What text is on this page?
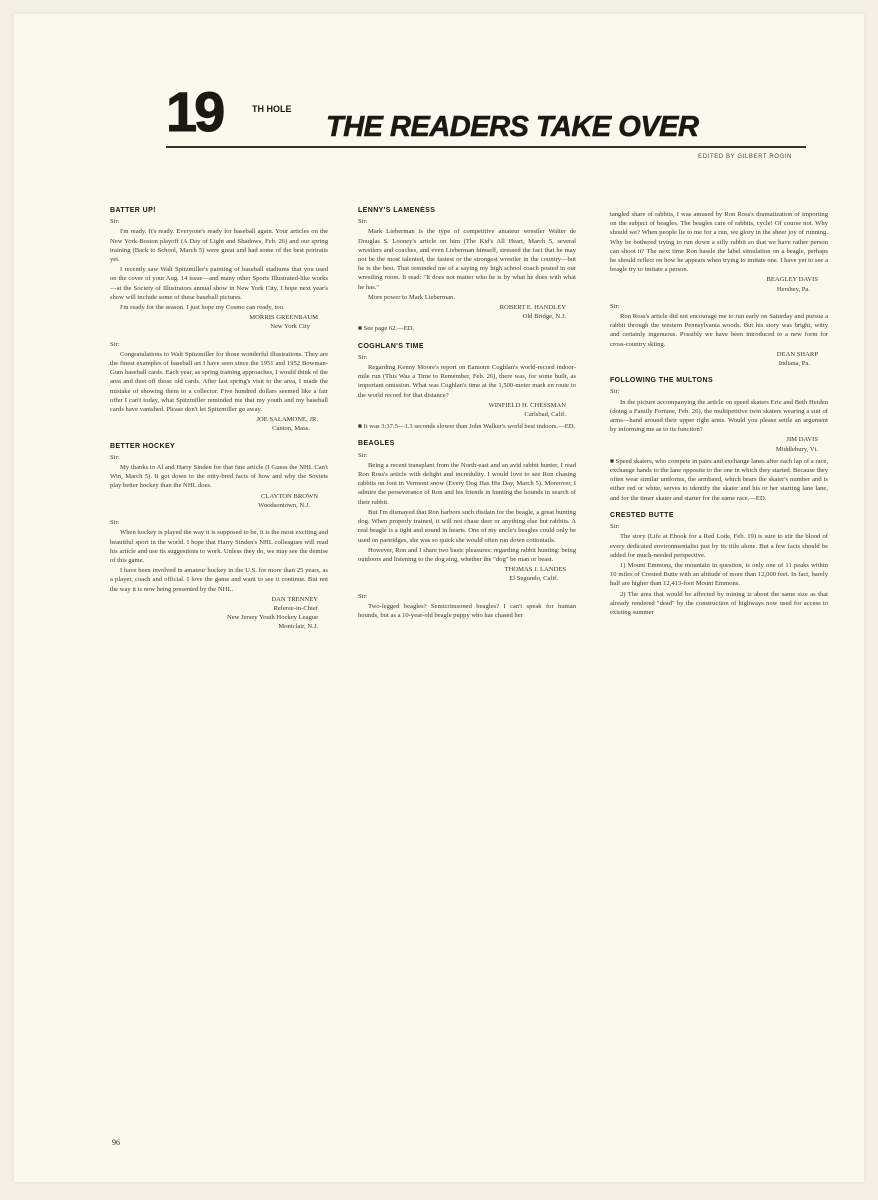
19	TH HOLE
THE READERS TAKE OVER
EDITED BY GILBERT ROGIN
BATTER UP!
Sir:
I'm ready. It's ready. Everyone's ready for baseball again. Your articles on the New York-Boston playoff (A Day of Light and Shadows, Feb. 26) and our spring training (Back to School, March 5) were great and had some of the best portraits yet.
I recently saw Walt Spitzmiller's painting of baseball stadiums that you used on the cover of your Aug. 14 issue—and many other Sports Illustrated-like works—at the Society of Illustrators annual show in New York City. I hope next year's show will include some of these baseball pictures.
I'm ready for the season. I just hope my Cosmo can ready, too.
MORRIS GREENBAUM
New York City
Sir:
Congratulations to Walt Spitzmiller for those wonderful illustrations. They are the finest examples of baseball art I have seen since the 1951 and 1952 Bowman-Gum baseball cards. Each year, as spring training approaches, I would think of the area and dust off those old cards. After last spring's visit to the area, I made the mistake of showing them to a collector. Five hundred dollars seemed like a fair offer I can't today, what Spitzmiller reminded me that my youth and my baseball cards have vanished. Please don't let Spitzmiller go away.
JOE SALAMONE, JR.
Canton, Mass.
BETTER HOCKEY
Sir:
My thanks to Al and Harry Sinden for that fine article (I Guess the NHL Can't Win, March 5). It got down to the nitty-bred facts of how and why the Soviets play better hockey than the NHL does.
CLAYTON BROWN
Woodsontown, N.J.
Sir:
When hockey is played the way it is supposed to be, it is the most exciting and beautiful sport in the world. I hope that Harry Sinden's NHL colleagues will read his article and use its suggestions to work. Unless they do, we may see the demise of this game.
I have been involved in amateur hockey in the U.S. for more than 25 years, as a player, coach and official. I love the game and want to see it continue. But not the way it is now being presented by the NHL.
DAN TRENNEY
Referee-in-Chief
New Jersey Youth Hockey League
Montclair, N.J.
LENNY'S LAMENESS
Sir:
Mark Lieberman is the type of competitive amateur wrestler Walter de Douglas S. Looney's article on him (The Kid's All Heart, March 5, several wrestlers and coaches, and even Lieberman himself, stressed the fact that he may not be the most talented, the fastest or the strongest wrestler in the country—but he is the best. That reminded me of a saying my high school coach posted in our wrestling room. It read: "It does not matter who he is by what he does with what he has."
More power to Mark Lieberman.
ROBERT E. HANDLEY
Old Bridge, N.J.
■ See page 62.—ED.
COGHLAN'S TIME
Sir:
Regarding Kenny Moore's report on Eamonn Coghlan's world-record indoor-mile run (This Was a Time to Remember, Feb. 26), there was, for some built, as important omission. What was Coghlan's time at the 1,500-meter mark en route to the world record for that distance?
WINFIELD H. CHESSMAN
Carlsbad, Calif.
■ It was 3:37.5—1.3 seconds slower than John Walker's world best indoors.—ED.
BEAGLES
Sir:
Being a recent transplant from the North-east and an avid rabbit hunter, I read Ron Ross's article with delight and incredulity. I would love to see Ron chasing rabbits on foot in Vermont snow (Every Dog Has His Day, March 5). Moreover, I admire the perseverance of Ron and his friends in hunting the hounds in search of their rabbit.
But I'm dismayed that Ron harbors such disdain for the beagle, a great hunting dog. When properly trained, it will not chase deer or anything else but rabbits. A real beagle is a tight and sound in hearts. One of my uncle's beagles could only be used on partridges, she was so quick she would often run down cottontails.
However, Ron and I share two basic pleasures: regarding rabbit hunting: being outdoors and listening to the dog sing, whether the "dog" be man or beast.
THOMAS J. LANDES
El Segundo, Calif.
Sir:
Two-legged beagles? Semicrimsoned beagles? I can't speak for human hounds, but as a 10-year-old beagle puppy who has chased her
tangled share of rabbits, I was amused by Ron Ross's dramatization of importing on the subject of beagles. The beagles care of rabbits, cycle! Of course not. Why should we? When people lie to me for a run, we glory in the sheer joy of running. Why be bothered trying to run down a silly rabbit so that we have rather person can shoot it? The next time Ron hassle the label simulation on a beagle, perhaps he should reflect on how he appears when trying to imitate one. I have yet to see a beagle try to imitate a person.
BEAGLEY DAVIS
Hershey, Pa.
Sir:
Ron Ross's article did not encourage me to run early on Saturday and pursue a rabbit through the western Pennsylvania woods. But his story was bright, witty and certainly ingenuous. Possibly we have been introduced to a new form for cross-country skiing.
DEAN SHARP
Indiana, Pa.
FOLLOWING THE MULTONS
Sir:
In the picture accompanying the article on speed skaters Eric and Beth Heiden (doing a Family Fortune, Feb. 26), the multipetitive twin skaters wearing a suit of arms—hand around their upper right arms. Would you please settle an argument by informing me as to its function?
JIM DAVIS
Middlebury, Vt.
■ Speed skaters, who compete in pairs and exchange lanes after each lap of a race, exchange hands to the lane opposite to the one in which they started. Because they often wear similar uniforms, the armband, which bears the skater's number and is either red or white, serves to identify the skater and his or her starting lane lane, and for the timer skater and starter for the same race.—ED.
CRESTED BUTTE
Sir:
The story (Life at Ebook for a Red Lode, Feb. 19) is sure to stir the blood of every dedicated environmentalist just by its title alone. But a few facts should be added for much-needed perspective.
1) Mount Emmons, the mountain in question, is only one of 11 peaks within 10 miles of Crested Butte with an altitude of more than 12,000 feet. In fact, barely half are higher than 12,413-foot Mount Emmons.
2) The area that would be affected by mining is about the same size as that already rendered "dead" by the construction of highways now used for access to existing summer
96
